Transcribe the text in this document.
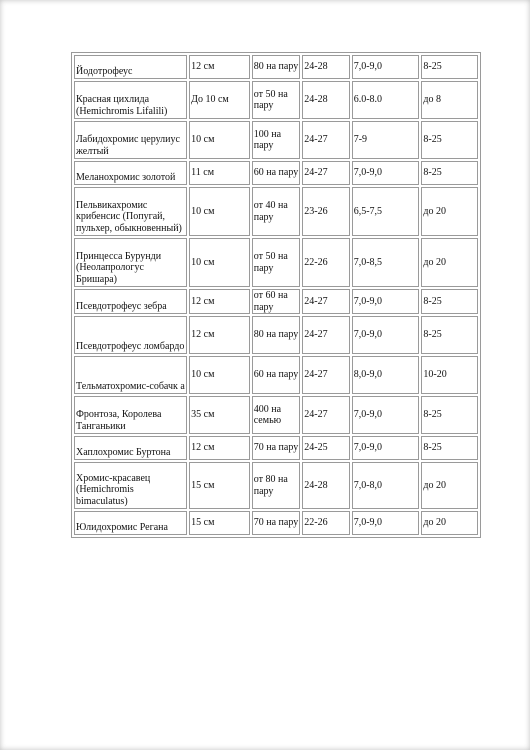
Йодотрофеус	12 см	80 на пару	24-28	7,0-9,0	8-25
Красная цихлида (Hemichromis Lifalili)	До 10 см	от 50 на пару	24-28	6.0-8.0	до 8
Лабидохромис церулиус желтый	10 см	100 на пару	24-27	7-9	8-25
Меланохромис золотой	11 см	60 на пару	24-27	7,0-9,0	8-25
Пельвикахромис крибенсис (Попугай, пульхер, обыкновенный)	10 см	от 40 на пару	23-26	6,5-7,5	до 20
Принцесса Бурунди (Неолапрологус Бришара)	10 см	от 50 на пару	22-26	7,0-8,5	до 20
Псевдотрофеус зебра	12 см	от 60 на пару	24-27	7,0-9,0	8-25
Псевдотрофеус ломбардо	12 см	80 на пару	24-27	7,0-9,0	8-25
Тельматохромис-собачк а	10 см	60 на пару	24-27	8,0-9,0	10-20
Фронтоза, Королева Танганьики	35 см	400 на семью	24-27	7,0-9,0	8-25
Хаплохромис Буртона	12 см	70 на пару	24-25	7,0-9,0	8-25
Хромис-красавец (Hemichromis bimaculatus)	15 см	от 80 на пару	24-28	7,0-8,0	до 20
Юлидохромис Регана	15 см	70 на пару	22-26	7,0-9,0	до 20
